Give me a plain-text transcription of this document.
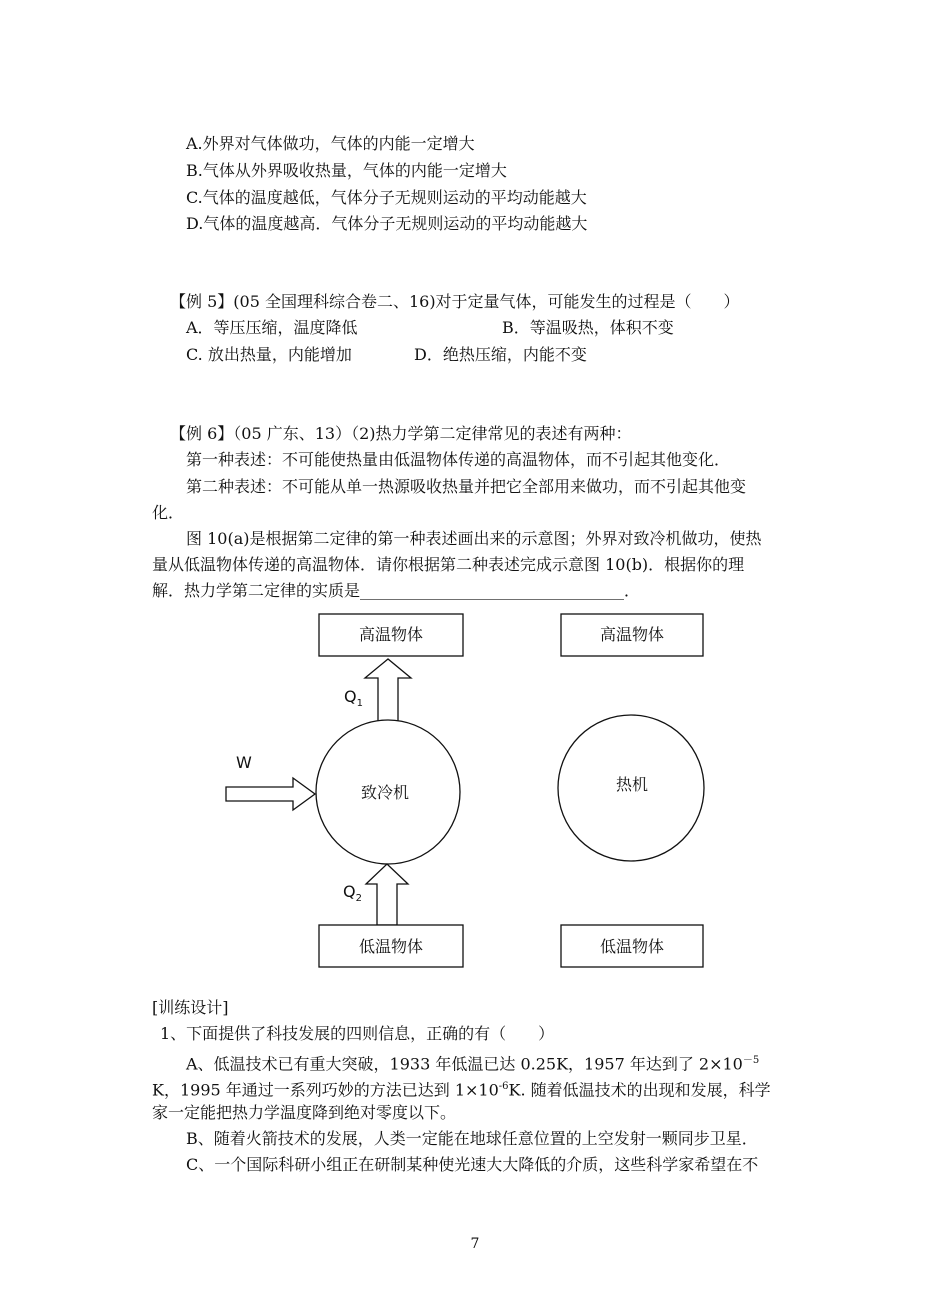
A.外界对气体做功，气体的内能一定增大
B.气体从外界吸收热量，气体的内能一定增大
C.气体的温度越低，气体分子无规则运动的平均动能越大
D.气体的温度越高．气体分子无规则运动的平均动能越大
【例 5】(05 全国理科综合卷二、16)对于定量气体，可能发生的过程是（　　）
A．等压压缩，温度降低	B．等温吸热，体积不变
C. 放出热量，内能增加	D．绝热压缩，内能不变
【例 6】（05 广东、13）（2)热力学第二定律常见的表述有两种：
第一种表述：不可能使热量由低温物体传递的高温物体，而不引起其他变化．
第二种表述：不可能从单一热源吸收热量并把它全部用来做功，而不引起其他变
化．
图 10(a)是根据第二定律的第一种表述画出来的示意图；外界对致冷机做功，使热
量从低温物体传递的高温物体．请你根据第二种表述完成示意图 10(b)．根据你的理
解．热力学第二定律的实质是_________________________________．
高温物体
$Q_1$
致冷机
W
$Q_2$
低温物体
高温物体
热机
低温物体
[训练设计]
1、下面提供了科技发展的四则信息，正确的有（　　）
A、低温技术已有重大突破，1933 年低温已达 0.25K，1957 年达到了 $2\times 10^{-5}$
K，1995 年通过一系列巧妙的方法已达到 $1\times 10^{-6}K$. 随着低温技术的出现和发展，科学
家一定能把热力学温度降到绝对零度以下。
B、随着火箭技术的发展，人类一定能在地球任意位置的上空发射一颗同步卫星．
C、一个国际科研小组正在研制某种使光速大大降低的介质，这些科学家希望在不
7
